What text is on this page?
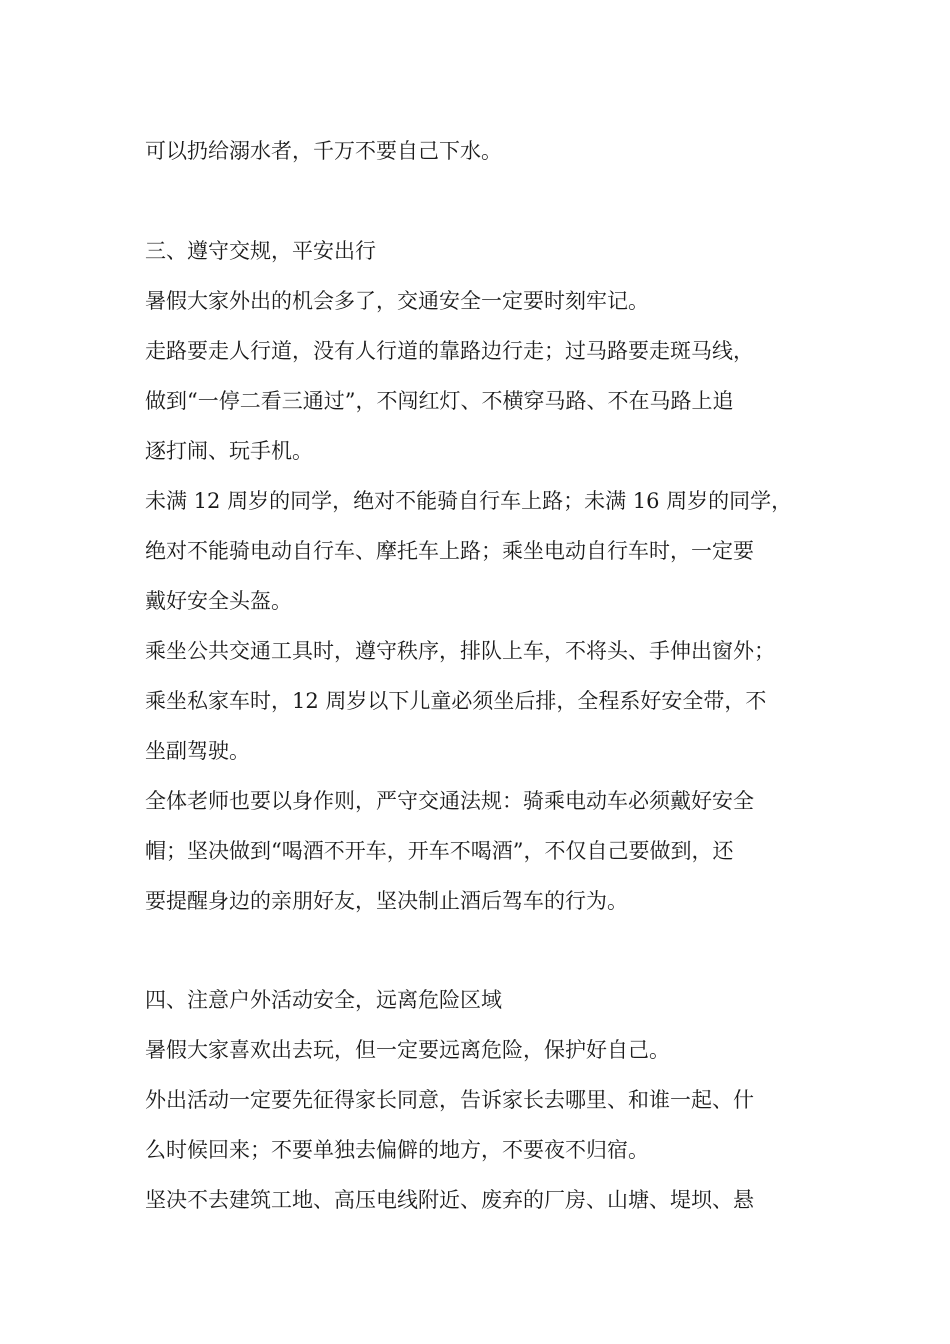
可以扔给溺水者，千万不要自己下水。
三、遵守交规，平安出行
暑假大家外出的机会多了，交通安全一定要时刻牢记。
走路要走人行道，没有人行道的靠路边行走；过马路要走斑马线，
做到“一停二看三通过”，不闯红灯、不横穿马路、不在马路上追
逐打闹、玩手机。
未满 12 周岁的同学，绝对不能骑自行车上路；未满 16 周岁的同学，
绝对不能骑电动自行车、摩托车上路；乘坐电动自行车时，一定要
戴好安全头盔。
乘坐公共交通工具时，遵守秩序，排队上车，不将头、手伸出窗外；
乘坐私家车时，12 周岁以下儿童必须坐后排，全程系好安全带，不
坐副驾驶。
全体老师也要以身作则，严守交通法规：骑乘电动车必须戴好安全
帽；坚决做到“喝酒不开车，开车不喝酒”，不仅自己要做到，还
要提醒身边的亲朋好友，坚决制止酒后驾车的行为。
四、注意户外活动安全，远离危险区域
暑假大家喜欢出去玩，但一定要远离危险，保护好自己。
外出活动一定要先征得家长同意，告诉家长去哪里、和谁一起、什
么时候回来；不要单独去偏僻的地方，不要夜不归宿。
坚决不去建筑工地、高压电线附近、废弃的厂房、山塘、堤坝、悬
